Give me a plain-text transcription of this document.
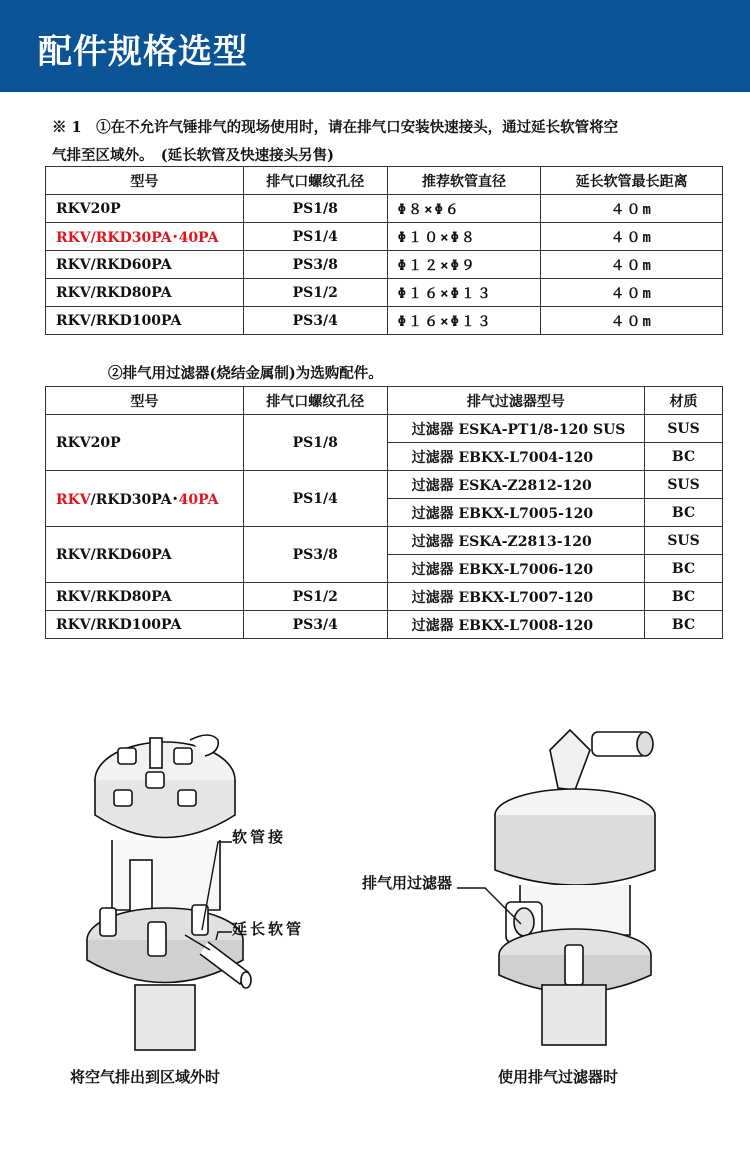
配件规格选型
※ 1　①在不允许气锤排气的现场使用时，请在排气口安装快速接头，通过延长软管将空
气排至区域外。　(延长软管及快速接头另售)
型号	排气口螺纹孔径	推荐软管直径	延长软管最长距离
RKV20P	PS1/8	Φ８×Φ６	４０m
RKV/RKD30PA･40PA	PS1/4	Φ１０×Φ８	４０m
RKV/RKD60PA	PS3/8	Φ１２×Φ９	４０m
RKV/RKD80PA	PS1/2	Φ１６×Φ１３	４０m
RKV/RKD100PA	PS3/4	Φ１６×Φ１３	４０m
②排气用过滤器(烧结金属制)为选购配件。
型号	排气口螺纹孔径	排气过滤器型号	材质
RKV20P	PS1/8	过滤器 ESKA-PT1/8-120 SUS	SUS
		过滤器 EBKX-L7004-120	BC
RKV/RKD30PA･40PA	PS1/4	过滤器 ESKA-Z2812-120	SUS
		过滤器 EBKX-L7005-120	BC
RKV/RKD60PA	PS3/8	过滤器 ESKA-Z2813-120	SUS
		过滤器 EBKX-L7006-120	BC
RKV/RKD80PA	PS1/2	过滤器 EBKX-L7007-120	BC
RKV/RKD100PA	PS3/4	过滤器 EBKX-L7008-120	BC
软管接
延长软管
将空气排出到区域外时
排气用过滤器
使用排气过滤器时
